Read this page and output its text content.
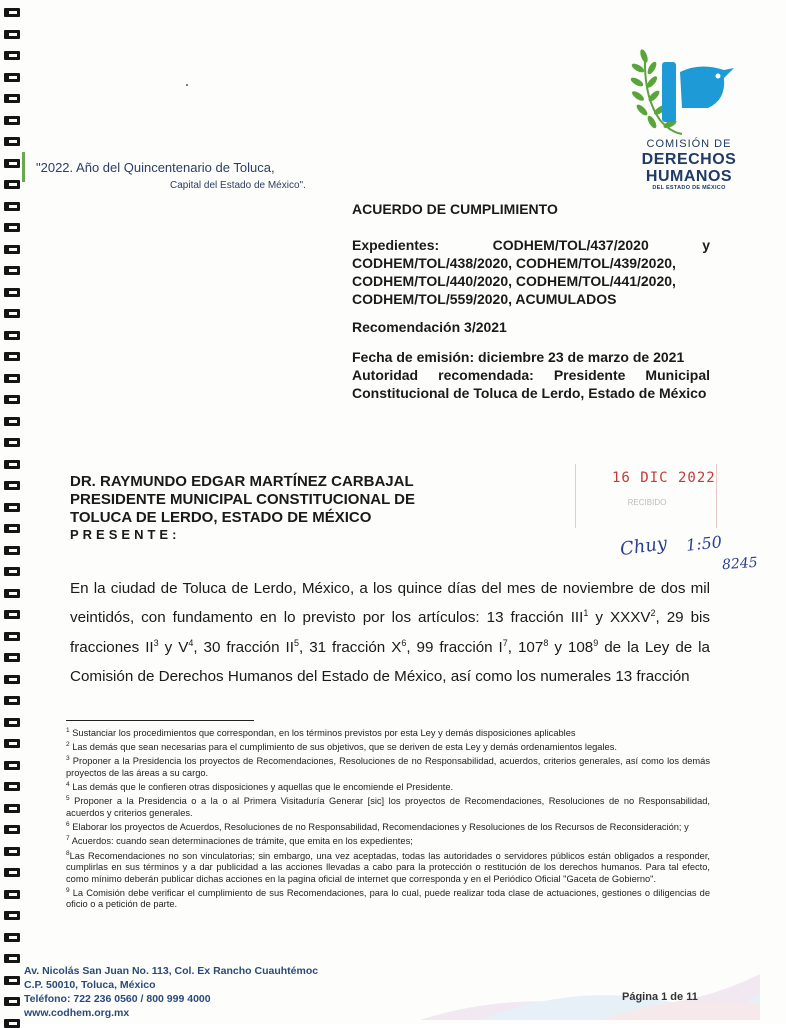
"2022. Año del Quincentenario de Toluca,
Capital del Estado de México".
COMISIÓN DE
DERECHOS
HUMANOS
DEL ESTADO DE MÉXICO
ACUERDO DE CUMPLIMIENTO
Expedientes: CODHEM/TOL/437/2020 y
CODHEM/TOL/438/2020, CODHEM/TOL/439/2020,
CODHEM/TOL/440/2020, CODHEM/TOL/441/2020,
CODHEM/TOL/559/2020, ACUMULADOS
Recomendación 3/2021
Fecha de emisión: diciembre 23 de marzo de 2021
Autoridad recomendada: Presidente Municipal Constitucional de Toluca de Lerdo, Estado de México
DR. RAYMUNDO EDGAR MARTÍNEZ CARBAJAL
PRESIDENTE MUNICIPAL CONSTITUCIONAL DE
TOLUCA DE LERDO, ESTADO DE MÉXICO
PRESENTE:
16 DIC 2022
RECIBIDO
Chuy 1:50
8245
En la ciudad de Toluca de Lerdo, México, a los quince días del mes de noviembre de dos mil veintidós, con fundamento en lo previsto por los artículos: 13 fracción III$^1$ y XXXV$^2$, 29 bis fracciones $II^3$ y $V^4$, 30 fracción $II^5$, 31 fracción $X^6$, 99 fracción $I^7$, $107^8$ y $108^9$ de la Ley de la Comisión de Derechos Humanos del Estado de México, así como los numerales 13 fracción
$^1$ Sustanciar los procedimientos que correspondan, en los términos previstos por esta Ley y demás disposiciones aplicables
$^2$ Las demás que sean necesarias para el cumplimiento de sus objetivos, que se deriven de esta Ley y demás ordenamientos legales.
$^3$ Proponer a la Presidencia los proyectos de Recomendaciones, Resoluciones de no Responsabilidad, acuerdos, criterios generales, así como los demás proyectos de las áreas a su cargo.
$^4$ Las demás que le confieren otras disposiciones y aquellas que le encomiende el Presidente.
$^5$ Proponer a la Presidencia o a la o al Primera Visitaduría Generar [sic] los proyectos de Recomendaciones, Resoluciones de no Responsabilidad, acuerdos y criterios generales.
$^6$ Elaborar los proyectos de Acuerdos, Resoluciones de no Responsabilidad, Recomendaciones y Resoluciones de los Recursos de Reconsideración; y
$^7$ Acuerdos: cuando sean determinaciones de trámite, que emita en los expedientes;
$^8$Las Recomendaciones no son vinculatorias; sin embargo, una vez aceptadas, todas las autoridades o servidores públicos están obligados a responder, cumplirlas en sus términos y a dar publicidad a las acciones llevadas a cabo para la protección o restitución de los derechos humanos. Para tal efecto, como mínimo deberán publicar dichas acciones en la pagina oficial de internet que corresponda y en el Periódico Oficial "Gaceta de Gobierno".
$^9$ La Comisión debe verificar el cumplimiento de sus Recomendaciones, para lo cual, puede realizar toda clase de actuaciones, gestiones o diligencias de oficio o a petición de parte.
Av. Nicolás San Juan No. 113, Col. Ex Rancho Cuauhtémoc
C.P. 50010, Toluca, México
Teléfono: 722 236 0560 / 800 999 4000
www.codhem.org.mx
Página 1 de 11
